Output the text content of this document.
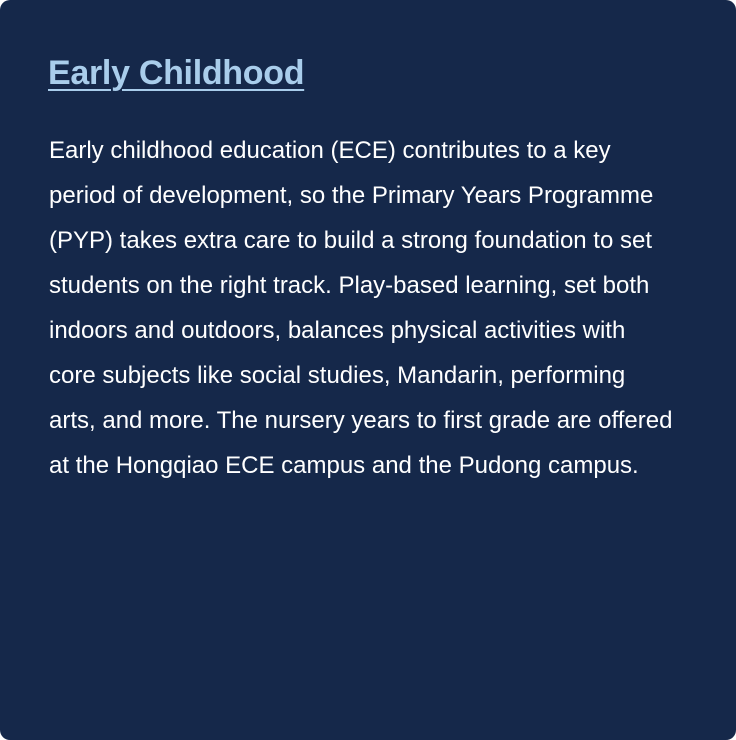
Early Childhood

Early childhood education (ECE) contributes to a key period of development, so the Primary Years Programme (PYP) takes extra care to build a strong foundation to set students on the right track. Play-based learning, set both indoors and outdoors, balances physical activities with core subjects like social studies, Mandarin, performing arts, and more. The nursery years to first grade are offered at the Hongqiao ECE campus and the Pudong campus.
